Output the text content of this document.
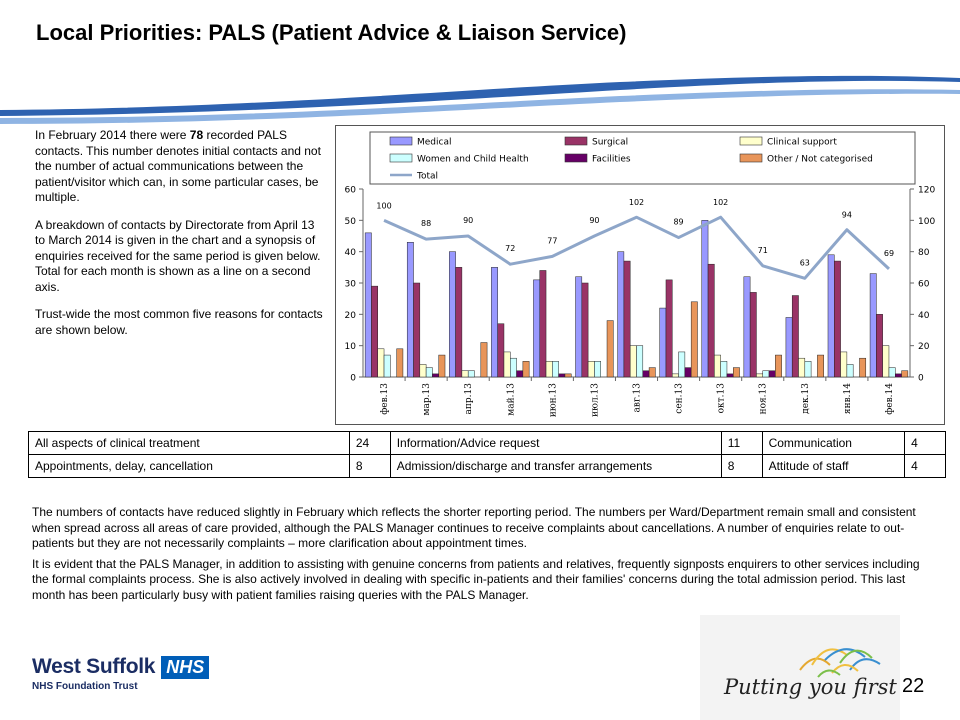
Local Priorities: PALS (Patient Advice & Liaison Service)

In February 2014 there were 78 recorded PALS contacts. This number denotes initial contacts and not the number of actual communications between the patient/visitor which can, in some particular cases, be multiple.

A breakdown of contacts by Directorate from April 13 to March 2014 is given in the chart and a synopsis of enquiries received for the same period is given below. Total for each month is shown as a line on a second axis.

Trust-wide the most common five reasons for contacts are shown below.

Medical	Surgical	Clinical support
Women and Child Health	Facilities	Other / Not categorised
Total
0
10
20
30
40
50
60
0
20
40
60
80
100
120
фев.13	мар.13	апр.13	май.13	июн.13	июл.13	авг.13	сен.13	окт.13	ноя.13	дек.13	янв.14	фев.14
100
88	90
72
77
90
102
89
102
71
63
94
69
All aspects of clinical treatment	24	Information/Advice request	11	Communication	4
Appointments, delay, cancellation	8	Admission/discharge and transfer arrangements	8	Attitude of staff	4

The numbers of contacts have reduced slightly in February which reflects the shorter reporting period. The numbers per Ward/Department remain small and consistent when spread across all areas of care provided, although the PALS Manager continues to receive complaints about cancellations. A number of enquiries relate to out-patients but they are not necessarily complaints – more clarification about appointment times.

It is evident that the PALS Manager, in addition to assisting with genuine concerns from patients and relatives, frequently signposts enquirers to other services including the formal complaints process. She is also actively involved in dealing with specific in-patients and their families' concerns during the total admission period. This last month has been particularly busy with patient families raising queries with the PALS Manager.

West Suffolk NHS
NHS Foundation Trust	Putting you first 22
